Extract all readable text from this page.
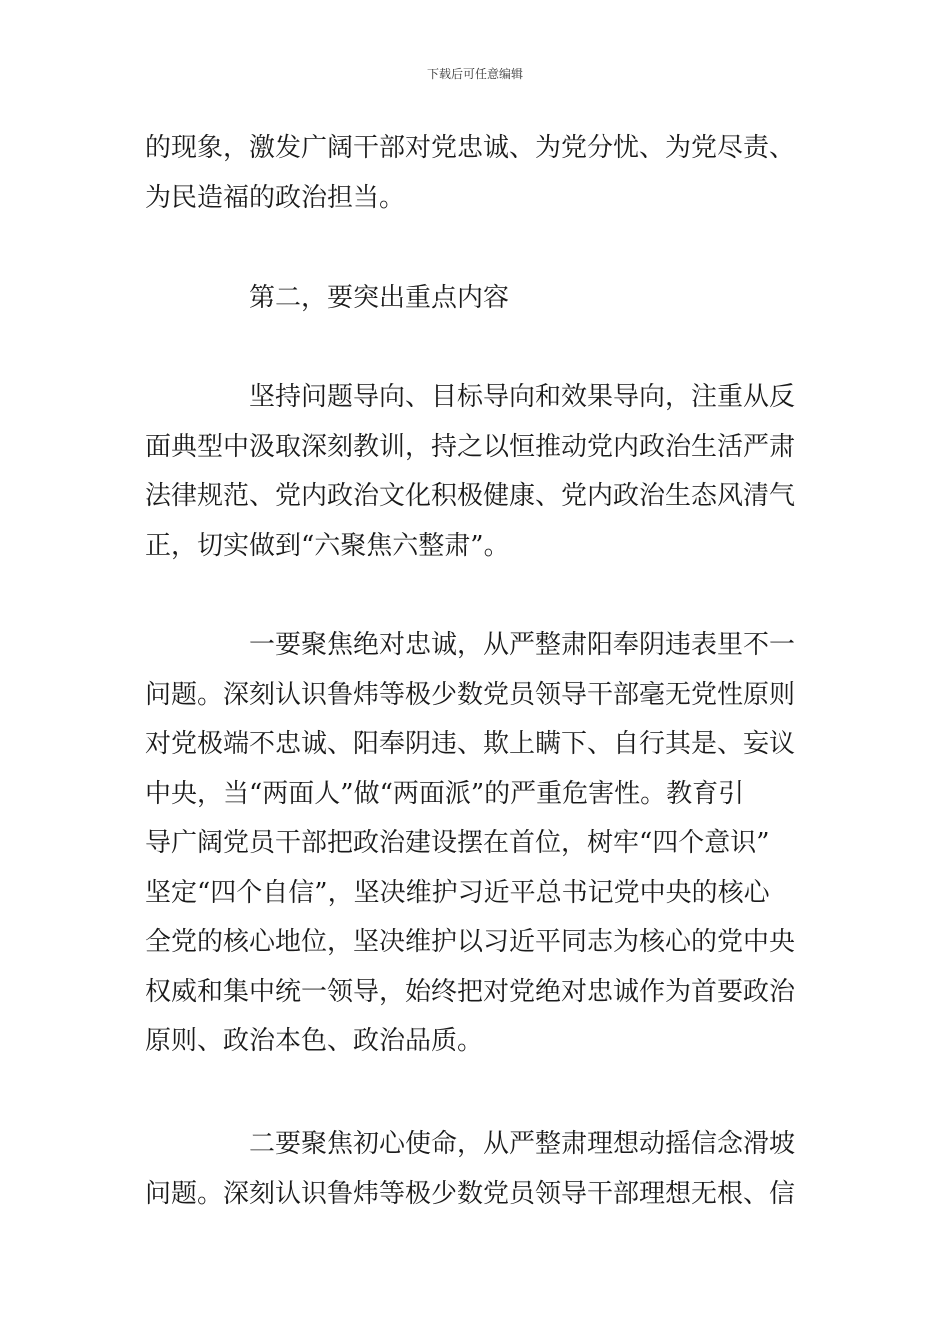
下载后可任意编辑
的现象，激发广阔干部对党忠诚、为党分忧、为党尽责、
为民造福的政治担当。
第二，要突出重点内容
坚持问题导向、目标导向和效果导向，注重从反
面典型中汲取深刻教训，持之以恒推动党内政治生活严肃
法律规范、党内政治文化积极健康、党内政治生态风清气
正，切实做到“六聚焦六整肃”。
一要聚焦绝对忠诚，从严整肃阳奉阴违表里不一
问题。深刻认识鲁炜等极少数党员领导干部毫无党性原则
对党极端不忠诚、阳奉阴违、欺上瞒下、自行其是、妄议
中央，当“两面人”做“两面派”的严重危害性。教育引
导广阔党员干部把政治建设摆在首位，树牢“四个意识”
坚定“四个自信”，坚决维护习近平总书记党中央的核心
全党的核心地位，坚决维护以习近平同志为核心的党中央
权威和集中统一领导，始终把对党绝对忠诚作为首要政治
原则、政治本色、政治品质。
二要聚焦初心使命，从严整肃理想动摇信念滑坡
问题。深刻认识鲁炜等极少数党员领导干部理想无根、信
